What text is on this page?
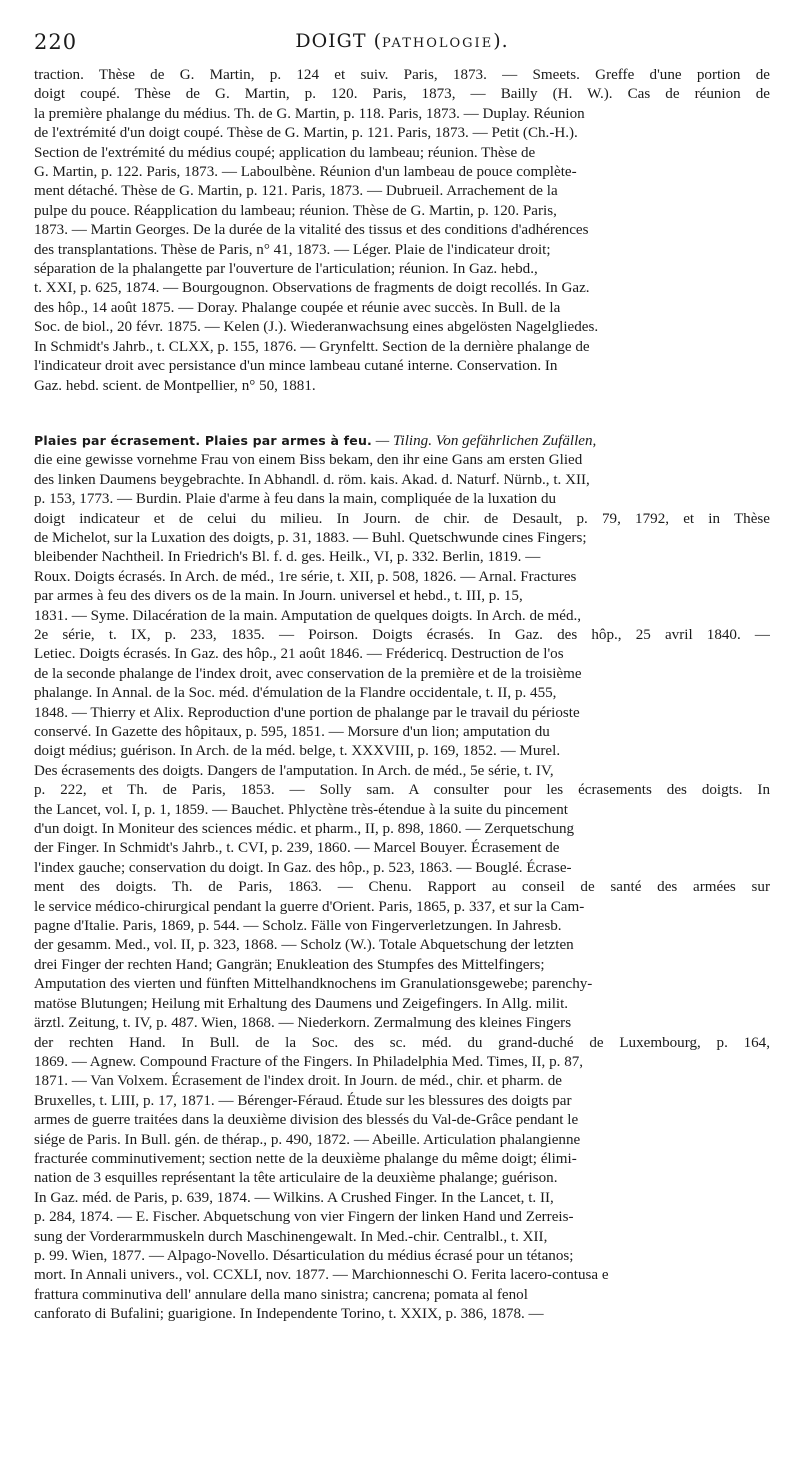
220	DOIGT (PATHOLOGIE).
traction. Thèse de G. Martin, p. 124 et suiv. Paris, 1873. — Smeets. Greffe d'une portion de
doigt coupé. Thèse de G. Martin, p. 120. Paris, 1873, — Bailly (H. W.). Cas de réunion de
la première phalange du médius. Th. de G. Martin, p. 118. Paris, 1873. — Duplay. Réunion
de l'extrémité d'un doigt coupé. Thèse de G. Martin, p. 121. Paris, 1873. — Petit (Ch.-H.).
Section de l'extrémité du médius coupé; application du lambeau; réunion. Thèse de
G. Martin, p. 122. Paris, 1873. — Laboulbène. Réunion d'un lambeau de pouce complète-
ment détaché. Thèse de G. Martin, p. 121. Paris, 1873. — Dubrueil. Arrachement de la
pulpe du pouce. Réapplication du lambeau; réunion. Thèse de G. Martin, p. 120. Paris,
1873. — Martin Georges. De la durée de la vitalité des tissus et des conditions d'adhérences
des transplantations. Thèse de Paris, n° 41, 1873. — Léger. Plaie de l'indicateur droit;
séparation de la phalangette par l'ouverture de l'articulation; réunion. In Gaz. hebd.,
t. XXI, p. 625, 1874. — Bourgougnon. Observations de fragments de doigt recollés. In Gaz.
des hôp., 14 août 1875. — Doray. Phalange coupée et réunie avec succès. In Bull. de la
Soc. de biol., 20 févr. 1875. — Kelen (J.). Wiederanwachsung eines abgelösten Nagelgliedes.
In Schmidt's Jahrb., t. CLXX, p. 155, 1876. — Grynfeltt. Section de la dernière phalange de
l'indicateur droit avec persistance d'un mince lambeau cutané interne. Conservation. In
Gaz. hebd. scient. de Montpellier, n° 50, 1881.
Plaies par écrasement. Plaies par armes à feu. — Tiling. Von gefährlichen Zufällen,
die eine gewisse vornehme Frau von einem Biss bekam, den ihr eine Gans am ersten Glied
des linken Daumens beygebrachte. In Abhandl. d. röm. kais. Akad. d. Naturf. Nürnb., t. XII,
p. 153, 1773. — Burdin. Plaie d'arme à feu dans la main, compliquée de la luxation du
doigt indicateur et de celui du milieu. In Journ. de chir. de Desault, p. 79, 1792, et in Thèse
de Michelot, sur la Luxation des doigts, p. 31, 1883. — Buhl. Quetschwunde cines Fingers;
bleibender Nachtheil. In Friedrich's Bl. f. d. ges. Heilk., VI, p. 332. Berlin, 1819. —
Roux. Doigts écrasés. In Arch. de méd., 1re série, t. XII, p. 508, 1826. — Arnal. Fractures
par armes à feu des divers os de la main. In Journ. universel et hebd., t. III, p. 15,
1831. — Syme. Dilacération de la main. Amputation de quelques doigts. In Arch. de méd.,
2e série, t. IX, p. 233, 1835. — Poirson. Doigts écrasés. In Gaz. des hôp., 25 avril 1840. —
Letiec. Doigts écrasés. In Gaz. des hôp., 21 août 1846. — Frédericq. Destruction de l'os
de la seconde phalange de l'index droit, avec conservation de la première et de la troisième
phalange. In Annal. de la Soc. méd. d'émulation de la Flandre occidentale, t. II, p. 455,
1848. — Thierry et Alix. Reproduction d'une portion de phalange par le travail du périoste
conservé. In Gazette des hôpitaux, p. 595, 1851. — Morsure d'un lion; amputation du
doigt médius; guérison. In Arch. de la méd. belge, t. XXXVIII, p. 169, 1852. — Murel.
Des écrasements des doigts. Dangers de l'amputation. In Arch. de méd., 5e série, t. IV,
p. 222, et Th. de Paris, 1853. — Solly sam. A consulter pour les écrasements des doigts. In
the Lancet, vol. I, p. 1, 1859. — Bauchet. Phlyctène très-étendue à la suite du pincement
d'un doigt. In Moniteur des sciences médic. et pharm., II, p. 898, 1860. — Zerquetschung
der Finger. In Schmidt's Jahrb., t. CVI, p. 239, 1860. — Marcel Bouyer. Écrasement de
l'index gauche; conservation du doigt. In Gaz. des hôp., p. 523, 1863. — Bouglé. Écrase-
ment des doigts. Th. de Paris, 1863. — Chenu. Rapport au conseil de santé des armées sur
le service médico-chirurgical pendant la guerre d'Orient. Paris, 1865, p. 337, et sur la Cam-
pagne d'Italie. Paris, 1869, p. 544. — Scholz. Fälle von Fingerverletzungen. In Jahresb.
der gesamm. Med., vol. II, p. 323, 1868. — Scholz (W.). Totale Abquetschung der letzten
drei Finger der rechten Hand; Gangrän; Enukleation des Stumpfes des Mittelfingers;
Amputation des vierten und fünften Mittelhandknochens im Granulationsgewebe; parenchy-
matöse Blutungen; Heilung mit Erhaltung des Daumens und Zeigefingers. In Allg. milit.
ärztl. Zeitung, t. IV, p. 487. Wien, 1868. — Niederkorn. Zermalmung des kleines Fingers
der rechten Hand. In Bull. de la Soc. des sc. méd. du grand-duché de Luxembourg, p. 164,
1869. — Agnew. Compound Fracture of the Fingers. In Philadelphia Med. Times, II, p. 87,
1871. — Van Volxem. Écrasement de l'index droit. In Journ. de méd., chir. et pharm. de
Bruxelles, t. LIII, p. 17, 1871. — Bérenger-Féraud. Étude sur les blessures des doigts par
armes de guerre traitées dans la deuxième division des blessés du Val-de-Grâce pendant le
siége de Paris. In Bull. gén. de thérap., p. 490, 1872. — Abeille. Articulation phalangienne
fracturée comminutivement; section nette de la deuxième phalange du même doigt; élimi-
nation de 3 esquilles représentant la tête articulaire de la deuxième phalange; guérison.
In Gaz. méd. de Paris, p. 639, 1874. — Wilkins. A Crushed Finger. In the Lancet, t. II,
p. 284, 1874. — E. Fischer. Abquetschung von vier Fingern der linken Hand und Zerreis-
sung der Vorderarmmuskeln durch Maschinengewalt. In Med.-chir. Centralbl., t. XII,
p. 99. Wien, 1877. — Alpago-Novello. Désarticulation du médius écrasé pour un tétanos;
mort. In Annali univers., vol. CCXLI, nov. 1877. — Marchionneschi O. Ferita lacero-contusa e
frattura comminutiva dell' annulare della mano sinistra; cancrena; pomata al fenol
canforato di Bufalini; guarigione. In Independente Torino, t. XXIX, p. 386, 1878. —
